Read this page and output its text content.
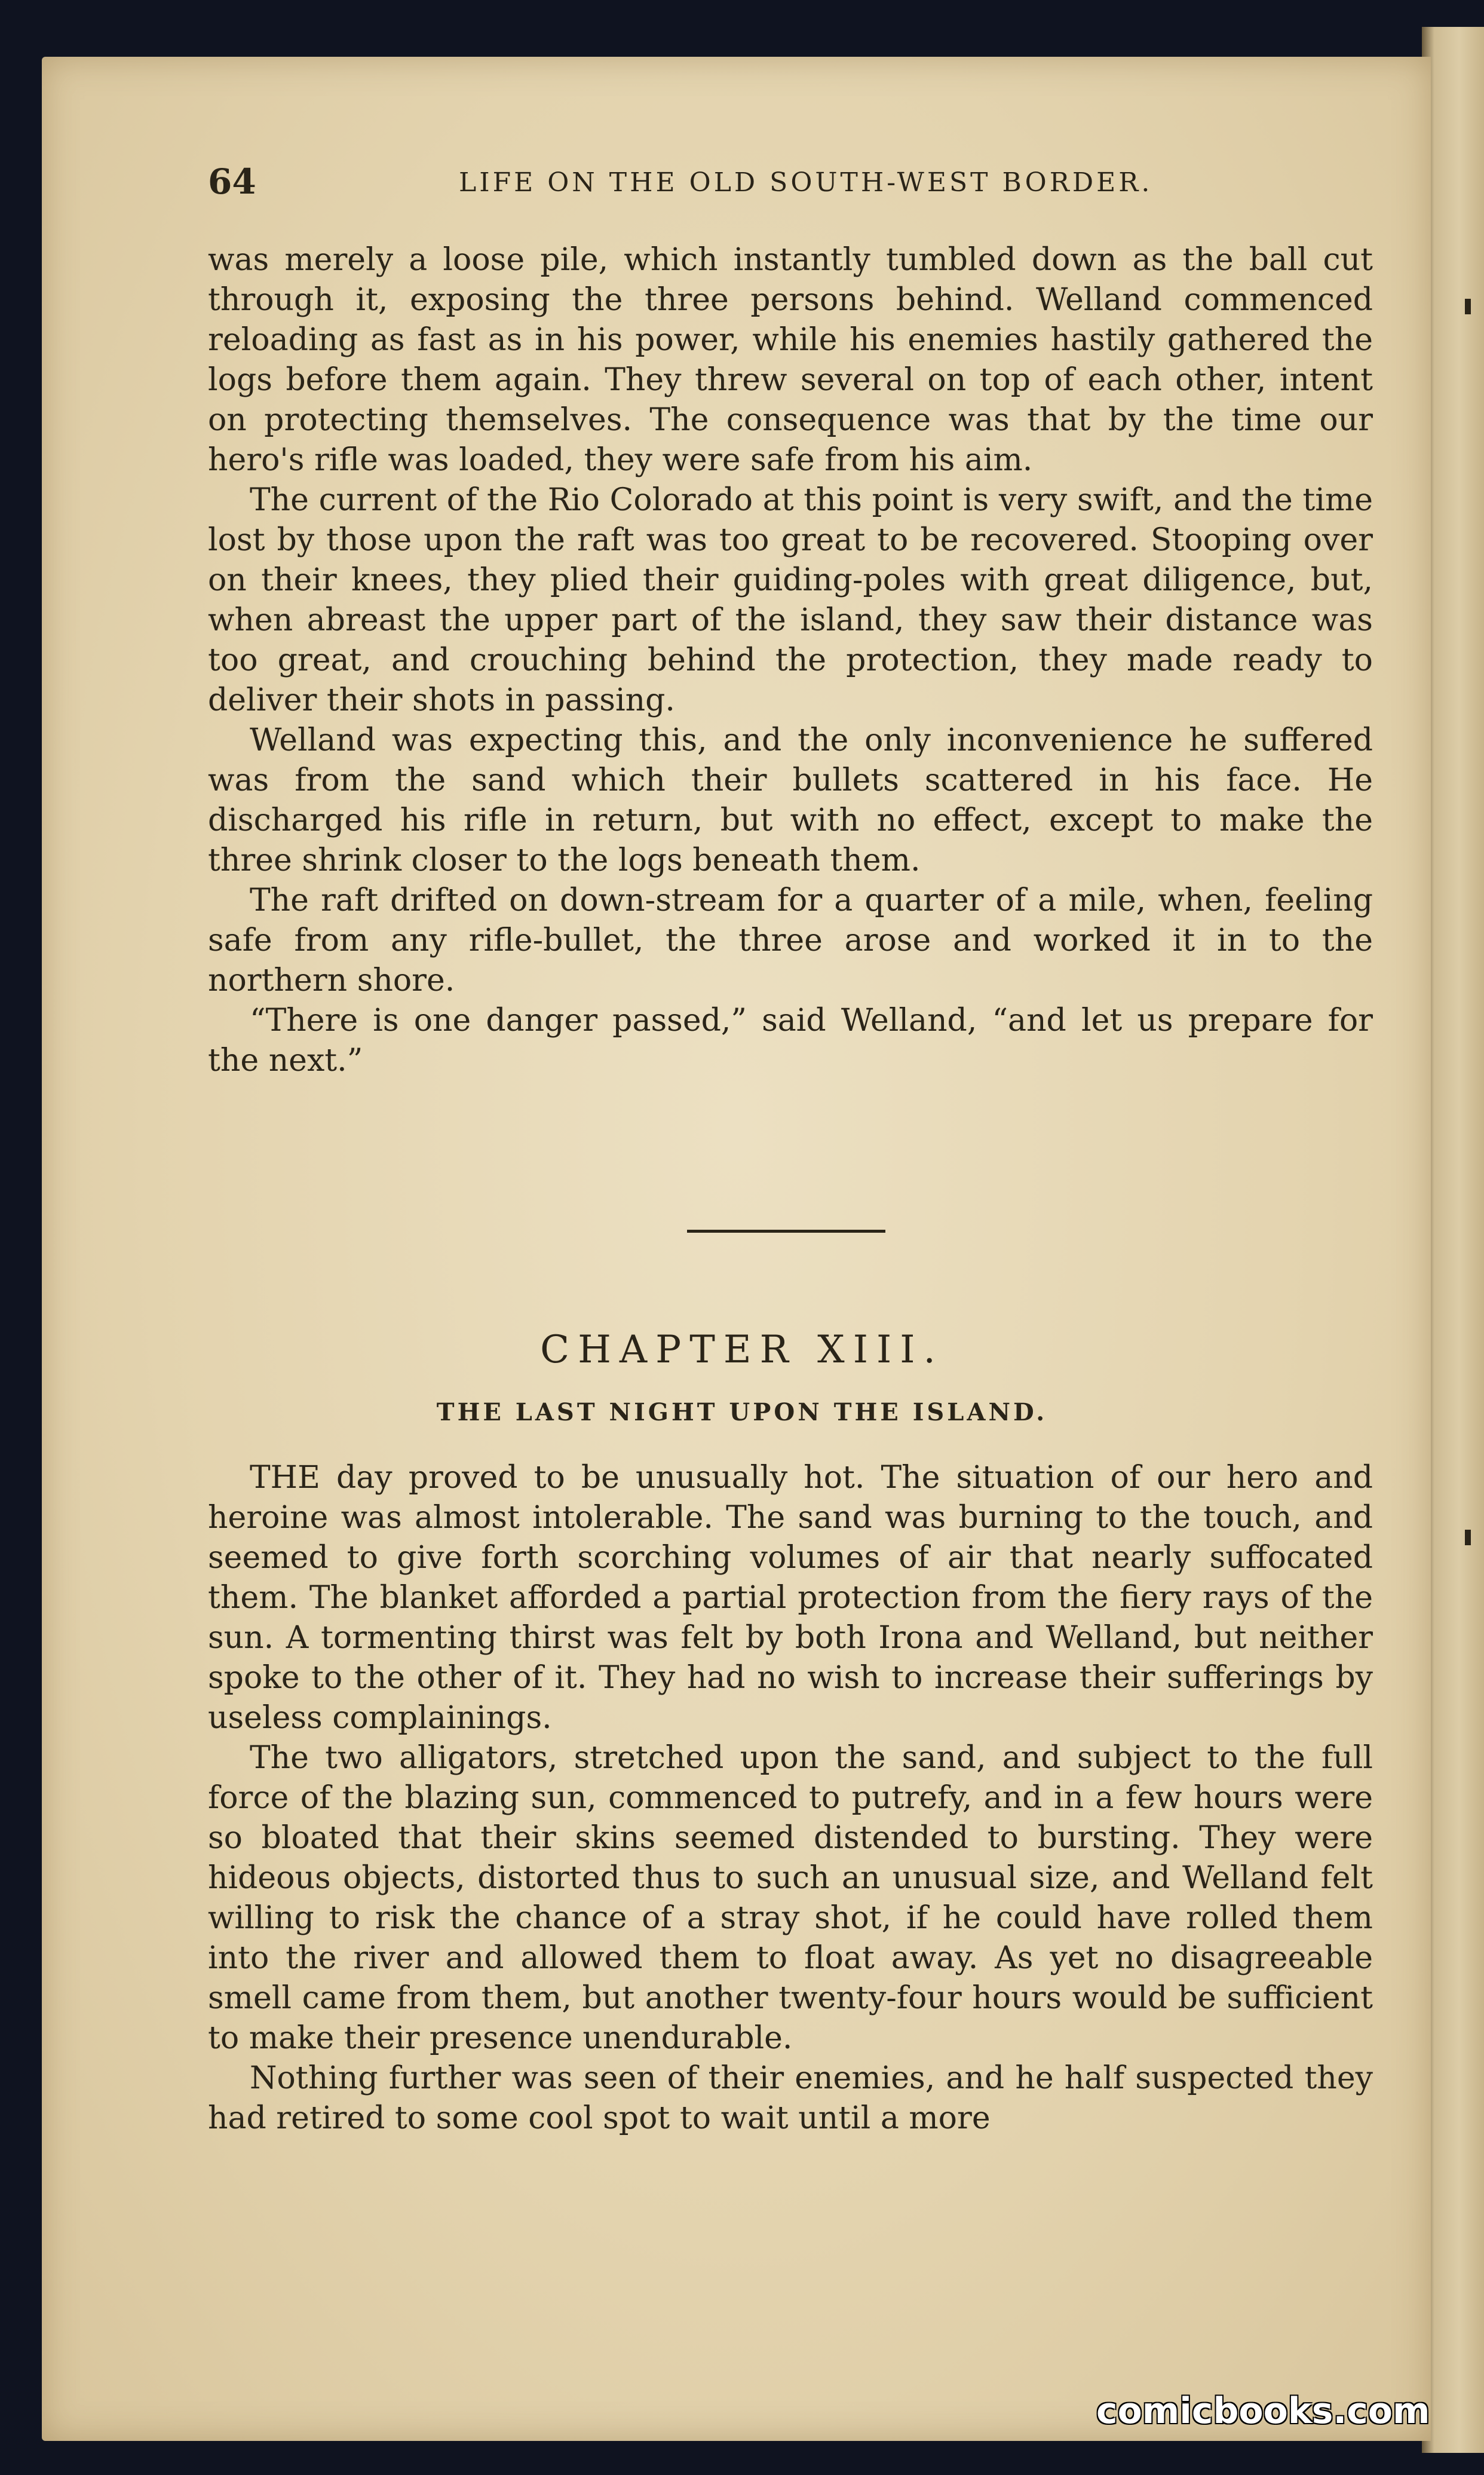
64	LIFE ON THE OLD SOUTH-WEST BORDER.

was merely a loose pile, which instantly tumbled down as the ball cut through it, exposing the three persons behind. Welland commenced reloading as fast as in his power, while his enemies hastily gathered the logs before them again. They threw several on top of each other, intent on protecting themselves. The consequence was that by the time our hero's rifle was loaded, they were safe from his aim.

The current of the Rio Colorado at this point is very swift, and the time lost by those upon the raft was too great to be recovered. Stooping over on their knees, they plied their guiding-poles with great diligence, but, when abreast the upper part of the island, they saw their distance was too great, and crouching behind the protection, they made ready to deliver their shots in passing.

Welland was expecting this, and the only inconvenience he suffered was from the sand which their bullets scattered in his face. He discharged his rifle in return, but with no effect, except to make the three shrink closer to the logs beneath them.

The raft drifted on down-stream for a quarter of a mile, when, feeling safe from any rifle-bullet, the three arose and worked it in to the northern shore.

“There is one danger passed,” said Welland, “and let us prepare for the next.”

CHAPTER XIII.
THE LAST NIGHT UPON THE ISLAND.

THE day proved to be unusually hot. The situation of our hero and heroine was almost intolerable. The sand was burning to the touch, and seemed to give forth scorching volumes of air that nearly suffocated them. The blanket afforded a partial protection from the fiery rays of the sun. A tormenting thirst was felt by both Irona and Welland, but neither spoke to the other of it. They had no wish to increase their sufferings by useless complainings.

The two alligators, stretched upon the sand, and subject to the full force of the blazing sun, commenced to putrefy, and in a few hours were so bloated that their skins seemed distended to bursting. They were hideous objects, distorted thus to such an unusual size, and Welland felt willing to risk the chance of a stray shot, if he could have rolled them into the river and allowed them to float away. As yet no disagreeable smell came from them, but another twenty-four hours would be sufficient to make their presence unendurable.

Nothing further was seen of their enemies, and he half suspected they had retired to some cool spot to wait until a more

comicbooks.com
